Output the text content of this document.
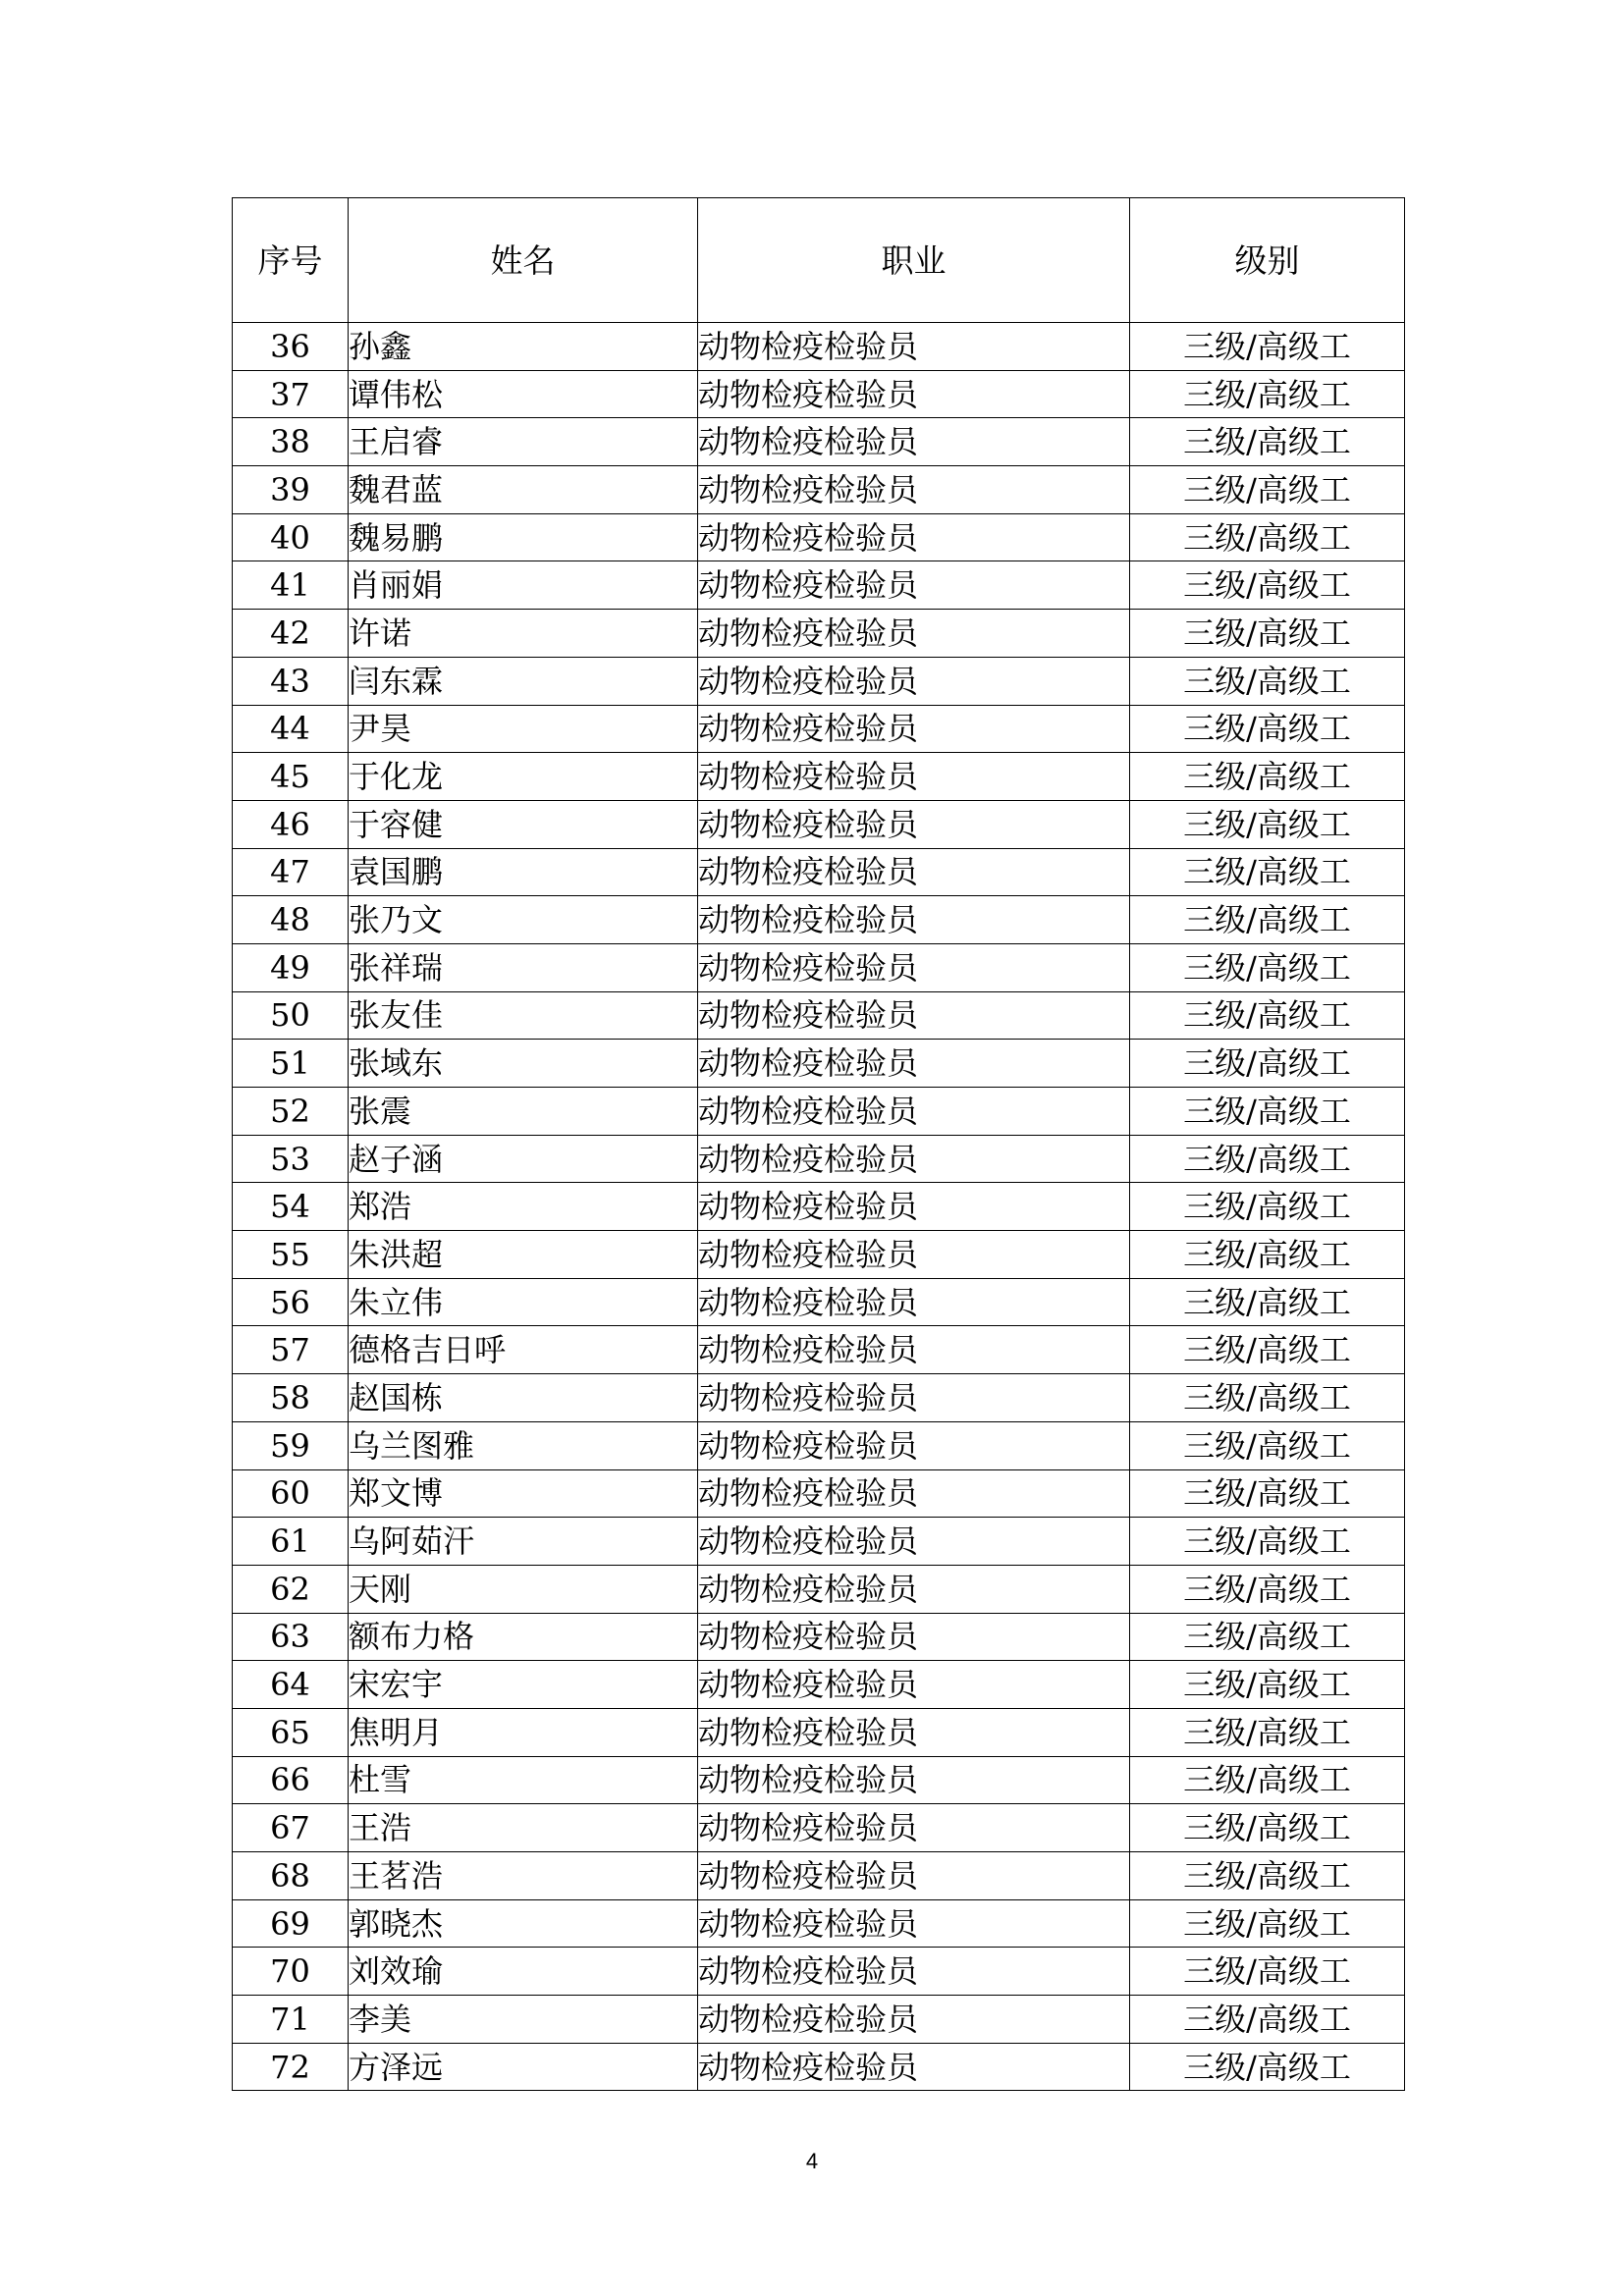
序号	姓名	职业	级别
36	孙鑫	动物检疫检验员	三级/高级工
37	谭伟松	动物检疫检验员	三级/高级工
38	王启睿	动物检疫检验员	三级/高级工
39	魏君蓝	动物检疫检验员	三级/高级工
40	魏易鹏	动物检疫检验员	三级/高级工
41	肖丽娟	动物检疫检验员	三级/高级工
42	许诺	动物检疫检验员	三级/高级工
43	闫东霖	动物检疫检验员	三级/高级工
44	尹昊	动物检疫检验员	三级/高级工
45	于化龙	动物检疫检验员	三级/高级工
46	于容健	动物检疫检验员	三级/高级工
47	袁国鹏	动物检疫检验员	三级/高级工
48	张乃文	动物检疫检验员	三级/高级工
49	张祥瑞	动物检疫检验员	三级/高级工
50	张友佳	动物检疫检验员	三级/高级工
51	张域东	动物检疫检验员	三级/高级工
52	张震	动物检疫检验员	三级/高级工
53	赵子涵	动物检疫检验员	三级/高级工
54	郑浩	动物检疫检验员	三级/高级工
55	朱洪超	动物检疫检验员	三级/高级工
56	朱立伟	动物检疫检验员	三级/高级工
57	德格吉日呼	动物检疫检验员	三级/高级工
58	赵国栋	动物检疫检验员	三级/高级工
59	乌兰图雅	动物检疫检验员	三级/高级工
60	郑文博	动物检疫检验员	三级/高级工
61	乌阿茹汗	动物检疫检验员	三级/高级工
62	天刚	动物检疫检验员	三级/高级工
63	额布力格	动物检疫检验员	三级/高级工
64	宋宏宇	动物检疫检验员	三级/高级工
65	焦明月	动物检疫检验员	三级/高级工
66	杜雪	动物检疫检验员	三级/高级工
67	王浩	动物检疫检验员	三级/高级工
68	王茗浩	动物检疫检验员	三级/高级工
69	郭晓杰	动物检疫检验员	三级/高级工
70	刘效瑜	动物检疫检验员	三级/高级工
71	李美	动物检疫检验员	三级/高级工
72	方泽远	动物检疫检验员	三级/高级工
4
